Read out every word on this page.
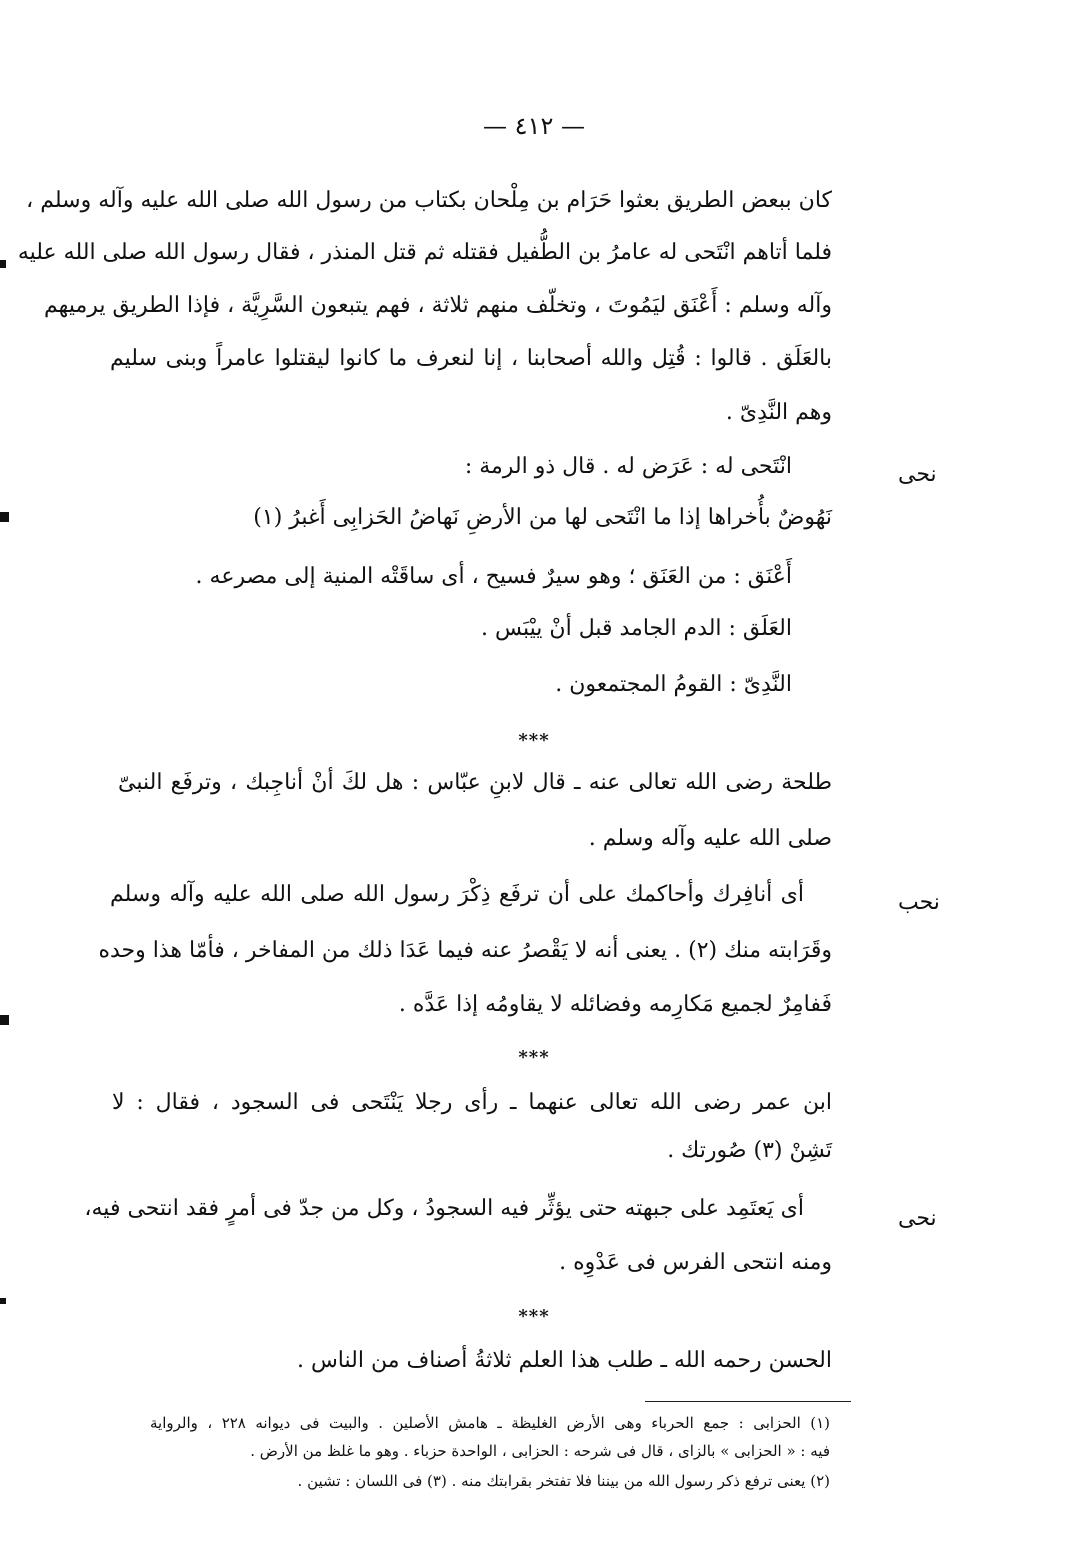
— ٤١٢ —
كان ببعض الطريق بعثوا حَرَام بن مِلْحان بكتاب من رسول الله صلى الله عليه وآله وسلم ،
فلما أتاهم انْتَحى له عامرُ بن الطُّفيل فقتله ثم قتل المنذر ، فقال رسول الله صلى الله عليه
وآله وسلم : أَعْنَق ليَمُوتَ ، وتخلّف منهم ثلاثة ، فهم يتبعون السَّرِيَّة ، فإذا الطريق يرميهم
بالعَلَق . قالوا : قُتِل والله أصحابنا ، إنا لنعرف ما كانوا ليقتلوا عامراً وبنى سليم
وهم النَّدِىّ .
نحى
انْتَحى له : عَرَض له . قال ذو الرمة :
نَهُوضٌ بأُخراها إذا ما انْتَحى لها من الأرضِ نَهاضُ الحَزابِى أَغبرُ (١)
أَعْنَق : من العَنَق ؛ وهو سيرٌ فسيح ، أى ساقَتْه المنية إلى مصرعه .
العَلَق : الدم الجامد قبل أنْ ييْبَس .
النَّدِىّ : القومُ المجتمعون .
***
طلحة رضى الله تعالى عنه ـ قال لابنِ عبّاس : هل لكَ أنْ أناجِبك ، وترفَع النبىّ
صلى الله عليه وآله وسلم .
نحب
أى أنافِرك وأحاكمك على أن ترفَع ذِكْرَ رسول الله صلى الله عليه وآله وسلم
وقَرَابته منك (٢) . يعنى أنه لا يَقْصرُ عنه فيما عَدَا ذلك من المفاخر ، فأمّا هذا وحده
فَفامِرٌ لجميع مَكارِمه وفضائله لا يقاومُه إذا عَدَّه .
***
ابن عمر رضى الله تعالى عنهما ـ رأى رجلا يَنْتَحى فى السجود ، فقال : لا
تَشِنْ (٣) صُورتك .
نحى
أى يَعتَمِد على جبهته حتى يؤثِّر فيه السجودُ ، وكل من جدّ فى أمرٍ فقد انتحى فيه،
ومنه انتحى الفرس فى عَدْوِه .
***
الحسن رحمه الله ـ طلب هذا العلم ثلاثةُ أصناف من الناس .
(١) الحزابى : جمع الحرباء وهى الأرض الغليظة ـ هامش الأصلين . والبيت فى ديوانه ٢٢٨ ، والرواية
فيه : « الحزابى » بالزاى ، قال فى شرحه : الحزابى ، الواحدة حزباء . وهو ما غلظ من الأرض .
(٢) يعنى ترفع ذكر رسول الله من بيننا فلا تفتخر بقرابتك منه . (٣) فى اللسان : تشين .
